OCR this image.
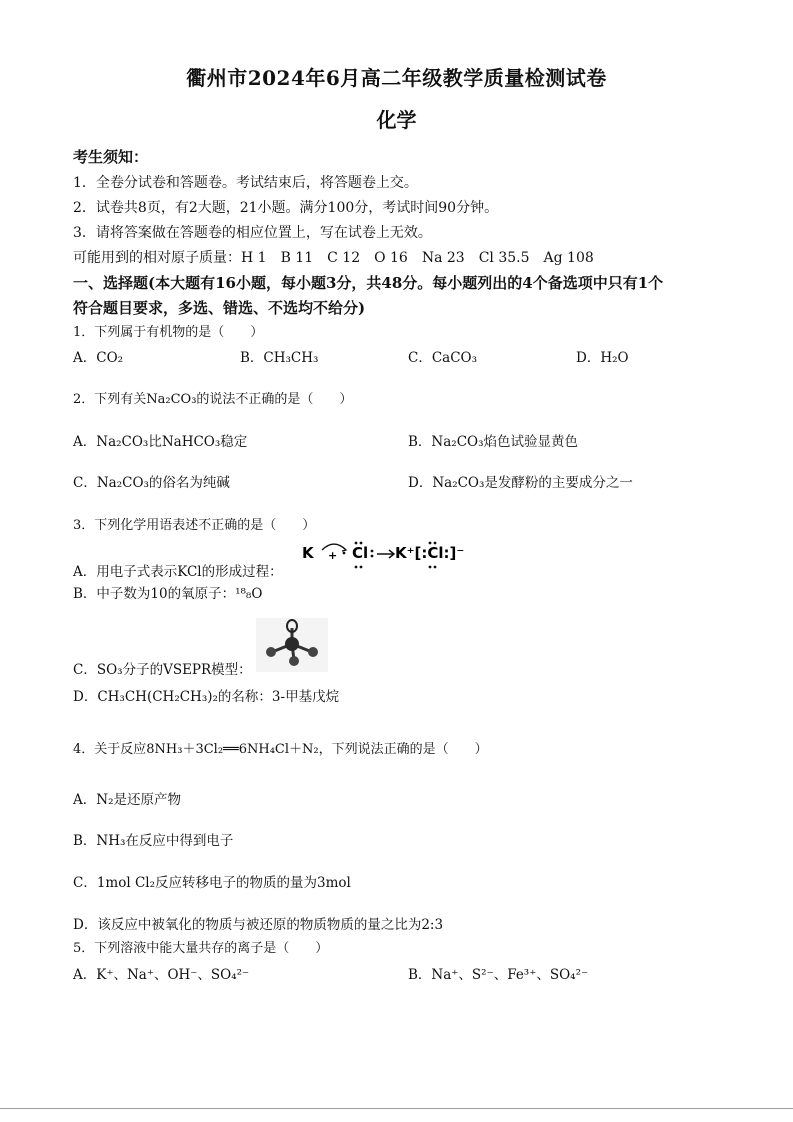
衢州市2024年6月高二年级教学质量检测试卷
化学
考生须知：
1．全卷分试卷和答题卷。考试结束后，将答题卷上交。
2．试卷共8页，有2大题，21小题。满分100分，考试时间90分钟。
3．请将答案做在答题卷的相应位置上，写在试卷上无效。
可能用到的相对原子质量：H 1　B 11　C 12　O 16　Na 23　Cl 35.5　Ag 108
一、选择题(本大题有16小题，每小题3分，共48分。每小题列出的4个备选项中只有1个
符合题目要求，多选、错选、不选均不给分)
1．下列属于有机物的是（　　）
A．CO₂	B．CH₃CH₃	C．CaCO₃	D．H₂O
2．下列有关Na₂CO₃的说法不正确的是（　　）
A．Na₂CO₃比NaHCO₃稳定	B．Na₂CO₃焰色试验显黄色
C．Na₂CO₃的俗名为纯碱	D．Na₂CO₃是发酵粉的主要成分之一
3．下列化学用语表述不正确的是（　　）
A．用电子式表示KCl的形成过程：
K + Cl K⁺[:Cl:]⁻
B．中子数为10的氧原子：¹⁸₈O
C．SO₃分子的VSEPR模型：
D．CH₃CH(CH₂CH₃)₂的名称：3-甲基戊烷
4．关于反应8NH₃＋3Cl₂══6NH₄Cl＋N₂，下列说法正确的是（　　）
A．N₂是还原产物
B．NH₃在反应中得到电子
C．1mol Cl₂反应转移电子的物质的量为3mol
D．该反应中被氧化的物质与被还原的物质物质的量之比为2:3
5．下列溶液中能大量共存的离子是（　　）
A．K⁺、Na⁺、OH⁻、SO₄²⁻	B．Na⁺、S²⁻、Fe³⁺、SO₄²⁻
